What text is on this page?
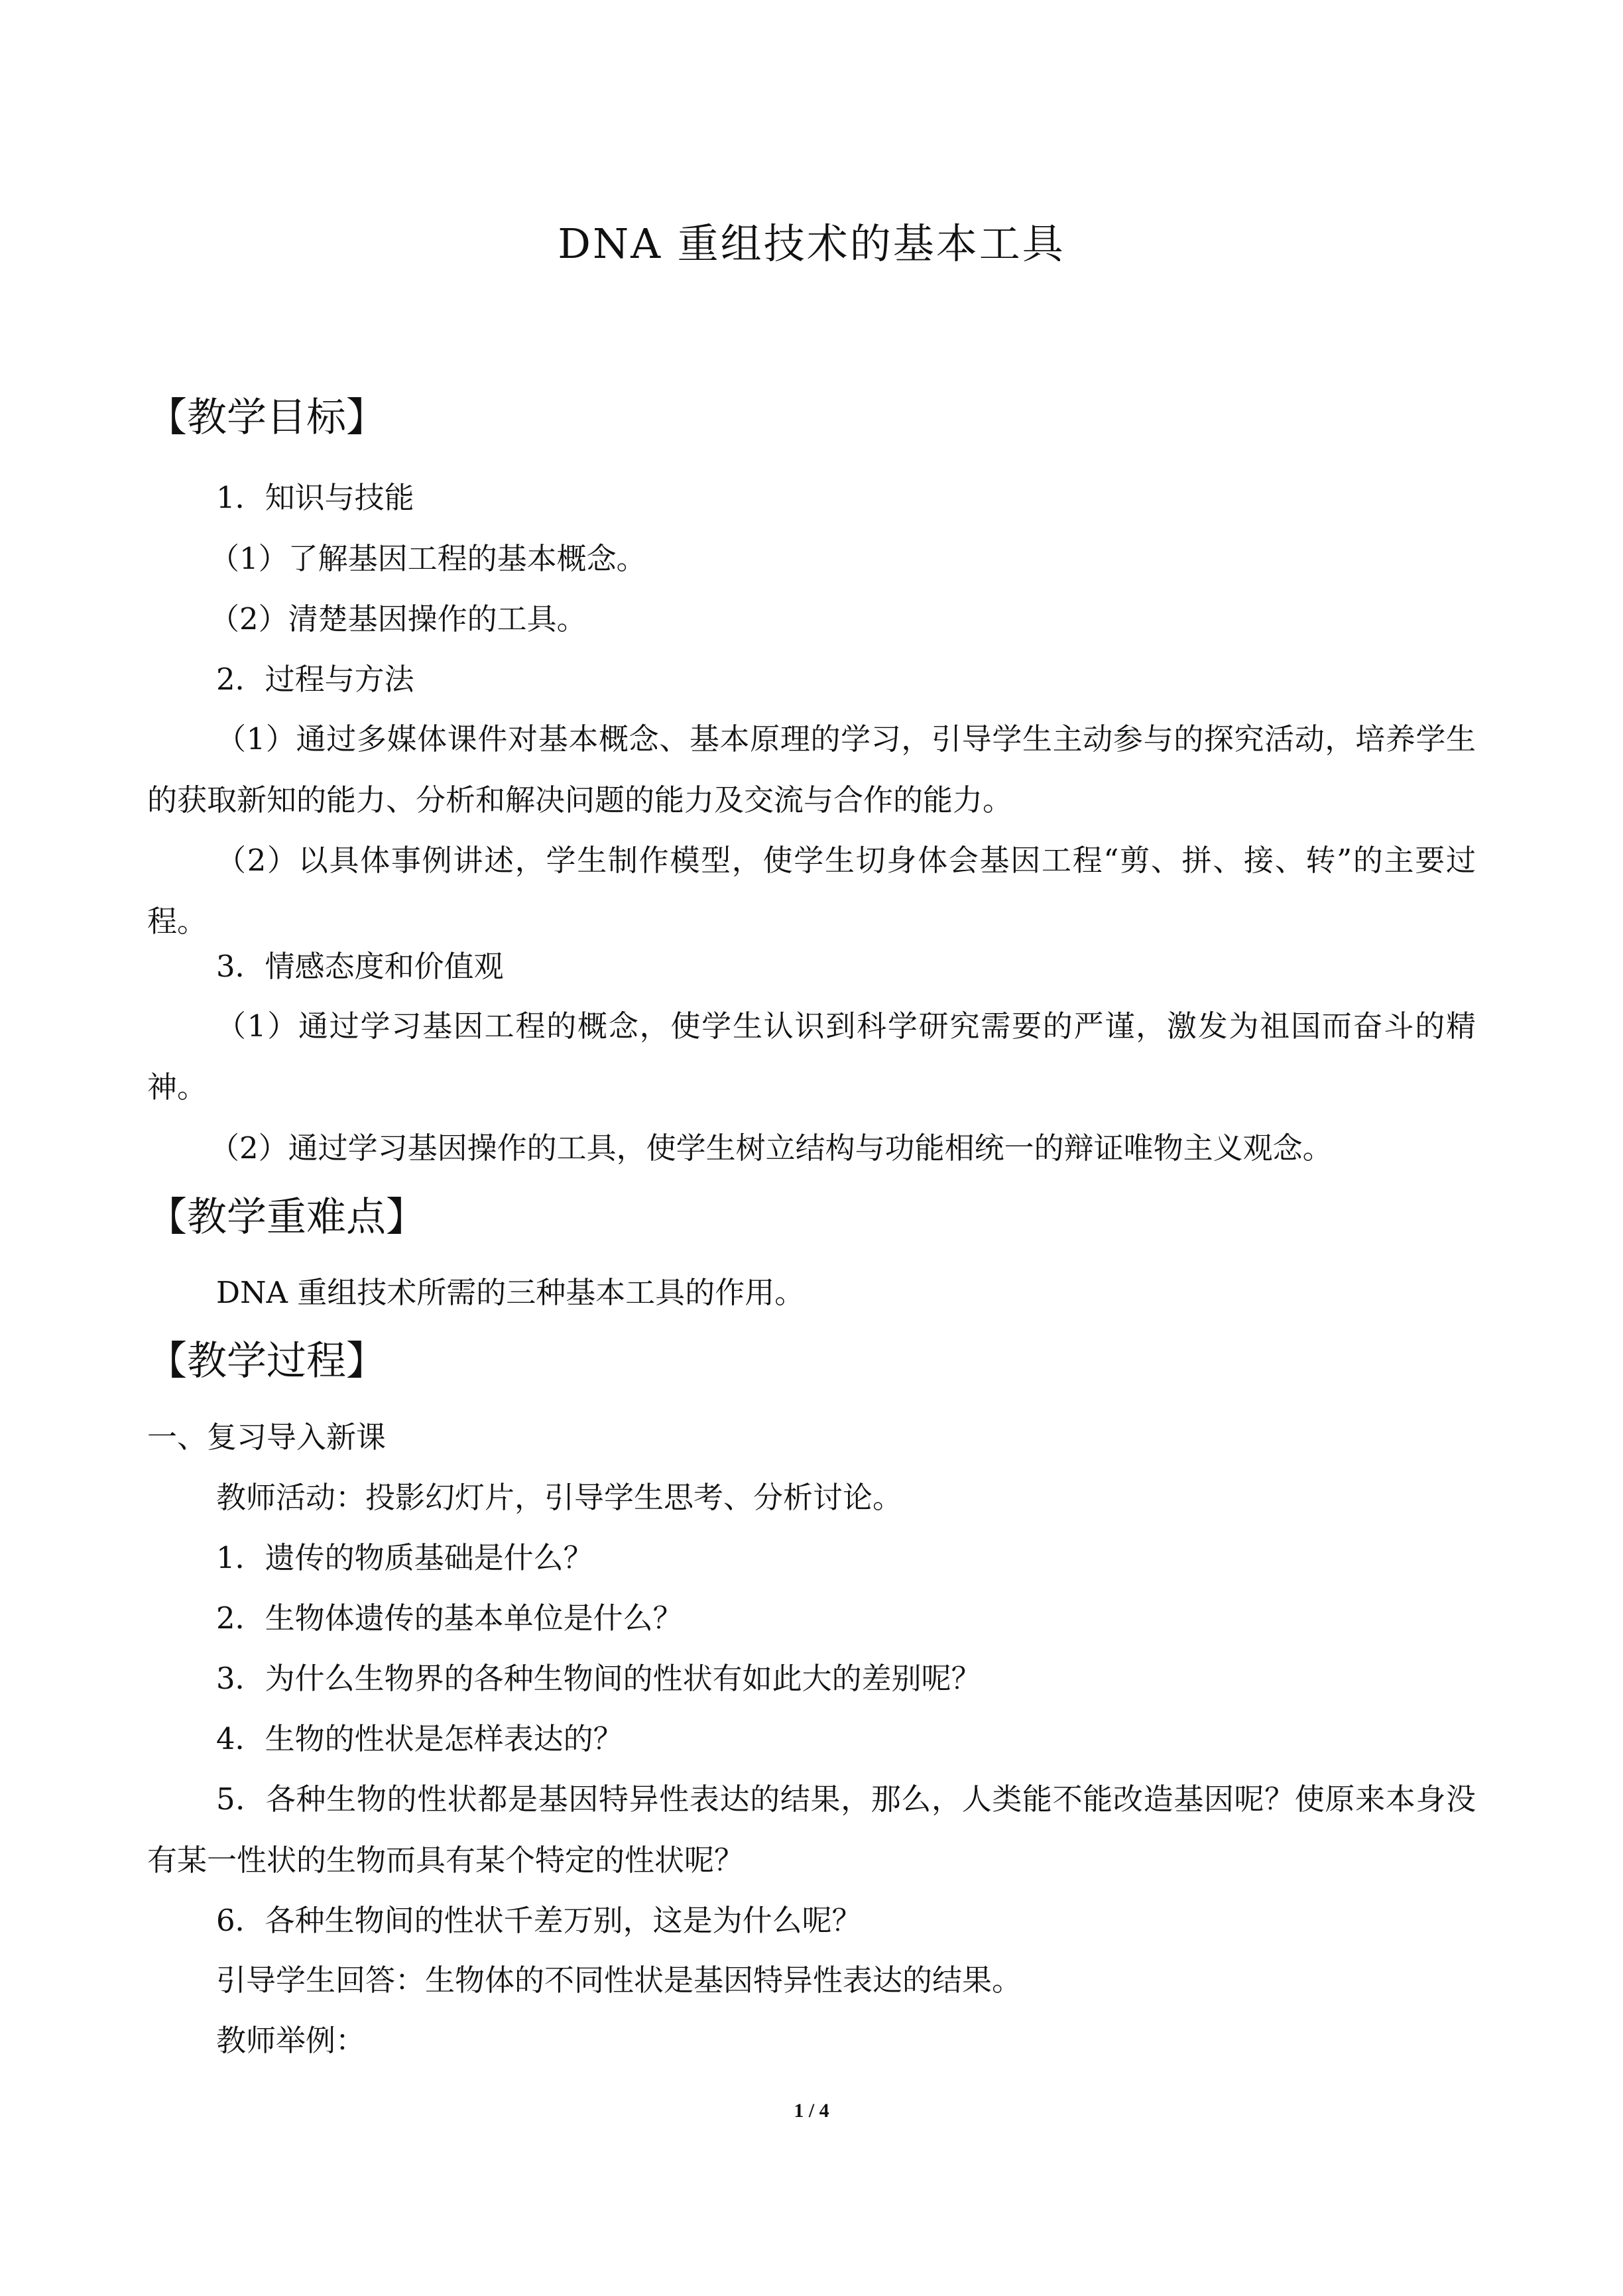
DNA 重组技术的基本工具
【教学目标】
1．知识与技能
（1）了解基因工程的基本概念。
（2）清楚基因操作的工具。
2．过程与方法
（1）通过多媒体课件对基本概念、基本原理的学习，引导学生主动参与的探究活动，培养学生的获取新知的能力、分析和解决问题的能力及交流与合作的能力。
（2）以具体事例讲述，学生制作模型，使学生切身体会基因工程“剪、拼、接、转”的主要过程。
3．情感态度和价值观
（1）通过学习基因工程的概念，使学生认识到科学研究需要的严谨，激发为祖国而奋斗的精神。
（2）通过学习基因操作的工具，使学生树立结构与功能相统一的辩证唯物主义观念。
【教学重难点】
DNA 重组技术所需的三种基本工具的作用。
【教学过程】
一、复习导入新课
教师活动：投影幻灯片，引导学生思考、分析讨论。
1．遗传的物质基础是什么？
2．生物体遗传的基本单位是什么？
3．为什么生物界的各种生物间的性状有如此大的差别呢？
4．生物的性状是怎样表达的？
5．各种生物的性状都是基因特异性表达的结果，那么，人类能不能改造基因呢？使原来本身没有某一性状的生物而具有某个特定的性状呢？
6．各种生物间的性状千差万别，这是为什么呢？
引导学生回答：生物体的不同性状是基因特异性表达的结果。
教师举例：
1 / 4
